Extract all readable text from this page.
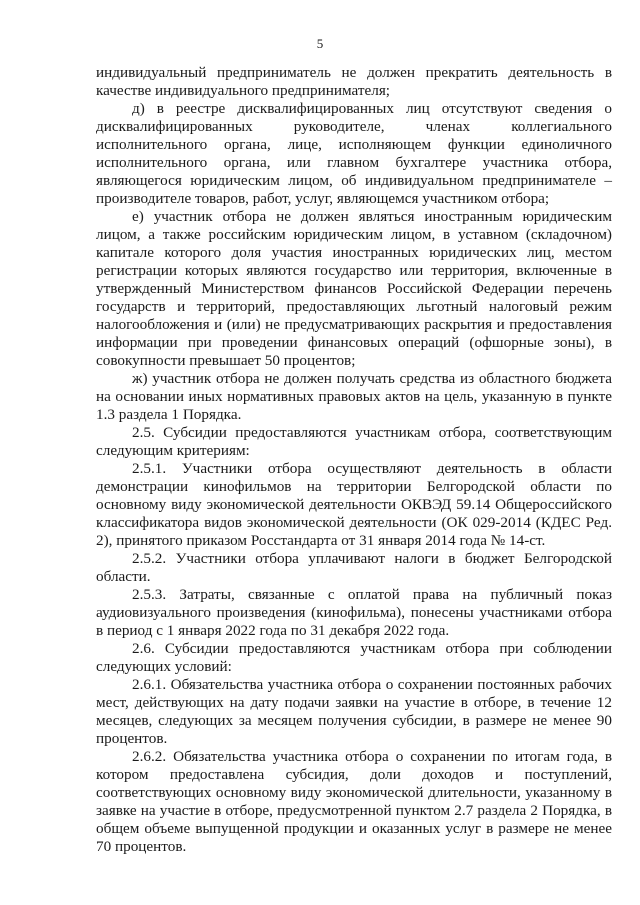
5

индивидуальный предприниматель не должен прекратить деятельность в качестве индивидуального предпринимателя;

д) в реестре дисквалифицированных лиц отсутствуют сведения о дисквалифицированных руководителе, членах коллегиального исполнительного органа, лице, исполняющем функции единоличного исполнительного органа, или главном бухгалтере участника отбора, являющегося юридическим лицом, об индивидуальном предпринимателе – производителе товаров, работ, услуг, являющемся участником отбора;

е) участник отбора не должен являться иностранным юридическим лицом, а также российским юридическим лицом, в уставном (складочном) капитале которого доля участия иностранных юридических лиц, местом регистрации которых являются государство или территория, включенные в утвержденный Министерством финансов Российской Федерации перечень государств и территорий, предоставляющих льготный налоговый режим налогообложения и (или) не предусматривающих раскрытия и предоставления информации при проведении финансовых операций (офшорные зоны), в совокупности превышает 50 процентов;

ж) участник отбора не должен получать средства из областного бюджета на основании иных нормативных правовых актов на цель, указанную в пункте 1.3 раздела 1 Порядка.

2.5. Субсидии предоставляются участникам отбора, соответствующим следующим критериям:

2.5.1. Участники отбора осуществляют деятельность в области демонстрации кинофильмов на территории Белгородской области по основному виду экономической деятельности ОКВЭД 59.14 Общероссийского классификатора видов экономической деятельности (ОК 029-2014 (КДЕС Ред. 2), принятого приказом Росстандарта от 31 января 2014 года № 14-ст.

2.5.2. Участники отбора уплачивают налоги в бюджет Белгородской области.

2.5.3. Затраты, связанные с оплатой права на публичный показ аудиовизуального произведения (кинофильма), понесены участниками отбора в период с 1 января 2022 года по 31 декабря 2022 года.

2.6. Субсидии предоставляются участникам отбора при соблюдении следующих условий:

2.6.1. Обязательства участника отбора о сохранении постоянных рабочих мест, действующих на дату подачи заявки на участие в отборе, в течение 12 месяцев, следующих за месяцем получения субсидии, в размере не менее 90 процентов.

2.6.2. Обязательства участника отбора о сохранении по итогам года, в котором предоставлена субсидия, доли доходов и поступлений, соответствующих основному виду экономической длительности, указанному в заявке на участие в отборе, предусмотренной пунктом 2.7 раздела 2 Порядка, в общем объеме выпущенной продукции и оказанных услуг в размере не менее 70 процентов.
